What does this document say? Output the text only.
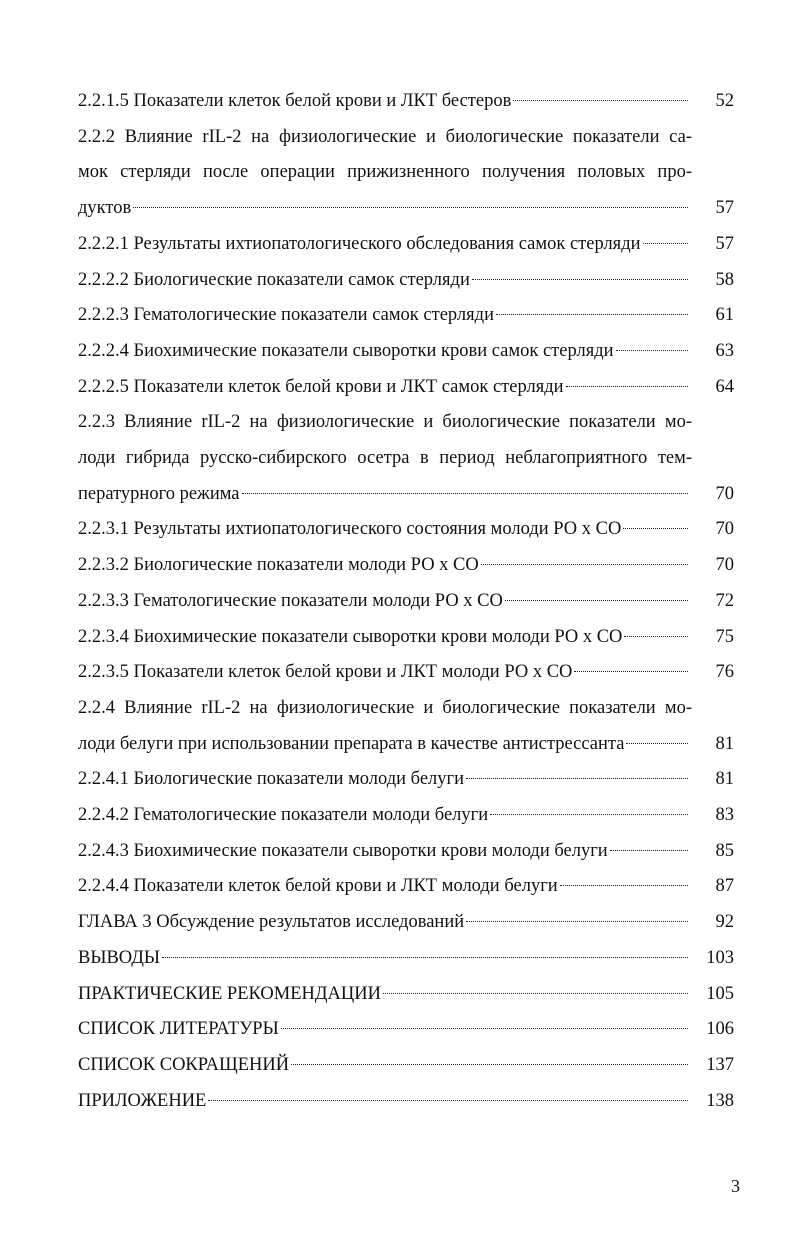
2.2.1.5 Показатели клеток белой крови и ЛКТ бестеров	52
2.2.2 Влияние rIL-2 на физиологические и биологические показатели са-
мок стерляди после операции прижизненного получения половых про-
дуктов	57
2.2.2.1 Результаты ихтиопатологического обследования самок стерляди	57
2.2.2.2 Биологические показатели самок стерляди	58
2.2.2.3 Гематологические показатели самок стерляди	61
2.2.2.4 Биохимические показатели сыворотки крови самок стерляди	63
2.2.2.5 Показатели клеток белой крови и ЛКТ самок стерляди	64
2.2.3 Влияние rIL-2 на физиологические и биологические показатели мо-
лоди гибрида русско-сибирского осетра в период неблагоприятного тем-
пературного режима	70
2.2.3.1 Результаты ихтиопатологического состояния молоди РО х СО	70
2.2.3.2 Биологические показатели молоди РО х СО	70
2.2.3.3 Гематологические показатели молоди РО х СО	72
2.2.3.4 Биохимические показатели сыворотки крови молоди РО х СО	75
2.2.3.5 Показатели клеток белой крови и ЛКТ молоди РО х СО	76
2.2.4 Влияние rIL-2 на физиологические и биологические показатели мо-
лоди белуги при использовании препарата в качестве антистрессанта	81
2.2.4.1 Биологические показатели молоди белуги	81
2.2.4.2 Гематологические показатели молоди белуги	83
2.2.4.3 Биохимические показатели сыворотки крови молоди белуги	85
2.2.4.4 Показатели клеток белой крови и ЛКТ молоди белуги	87
ГЛАВА 3 Обсуждение результатов исследований	92
ВЫВОДЫ	103
ПРАКТИЧЕСКИЕ РЕКОМЕНДАЦИИ	105
СПИСОК ЛИТЕРАТУРЫ	106
СПИСОК СОКРАЩЕНИЙ	137
ПРИЛОЖЕНИЕ	138
3
